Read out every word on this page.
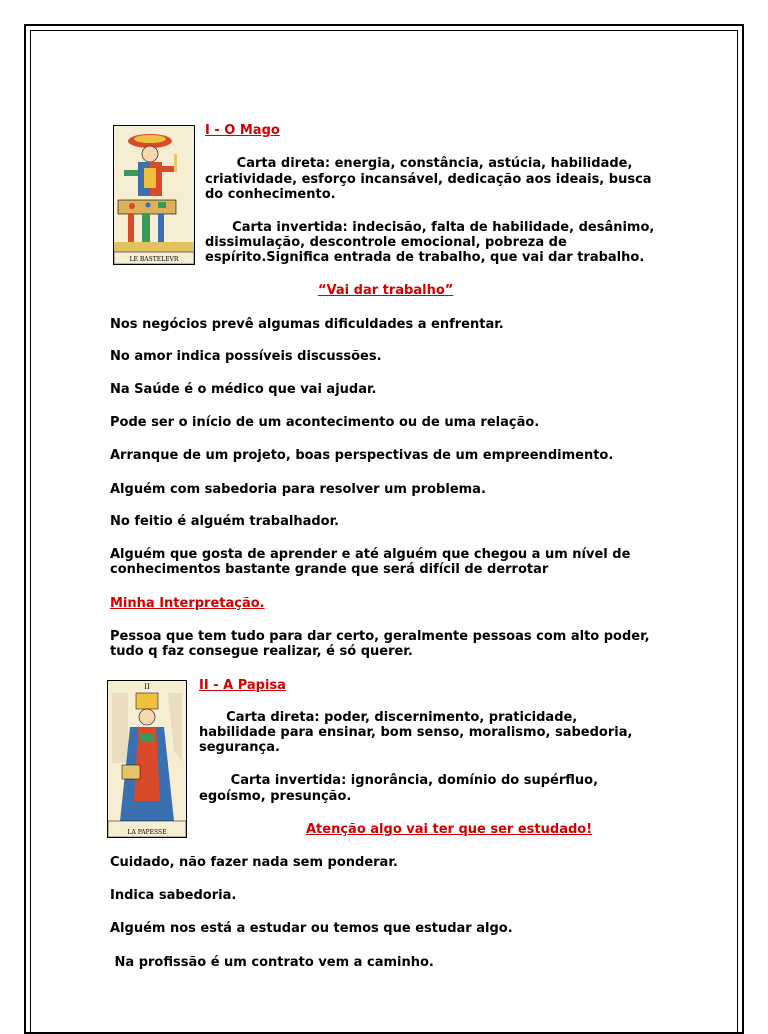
LE BASTELEVR
I - O Mago
Carta direta: energia, constância, astúcia, habilidade,
criatividade, esforço incansável, dedicação aos ideais, busca
do conhecimento.
Carta invertida: indecisão, falta de habilidade, desânimo,
dissimulação, descontrole emocional, pobreza de
espírito.Significa entrada de trabalho, que vai dar trabalho.
“Vai dar trabalho”
Nos negócios prevê algumas dificuldades a enfrentar.
No amor indica possíveis discussões.
Na Saúde é o médico que vai ajudar.
Pode ser o início de um acontecimento ou de uma relação.
Arranque de um projeto, boas perspectivas de um empreendimento.
Alguém com sabedoria para resolver um problema.
No feitio é alguém trabalhador.
Alguém que gosta de aprender e até alguém que chegou a um nível de
conhecimentos bastante grande que será difícil de derrotar
Minha Interpretação.
Pessoa que tem tudo para dar certo, geralmente pessoas com alto poder,
tudo q faz consegue realizar, é só querer.
II
LA PAPESSE
II - A Papisa
Carta direta: poder, discernimento, praticidade,
habilidade para ensinar, bom senso, moralismo, sabedoria,
segurança.
Carta invertida: ignorância, domínio do supérfluo,
egoísmo, presunção.
Atenção algo vai ter que ser estudado!
Cuidado, não fazer nada sem ponderar.
Indica sabedoria.
Alguém nos está a estudar ou temos que estudar algo.
Na profissão é um contrato vem a caminho.
